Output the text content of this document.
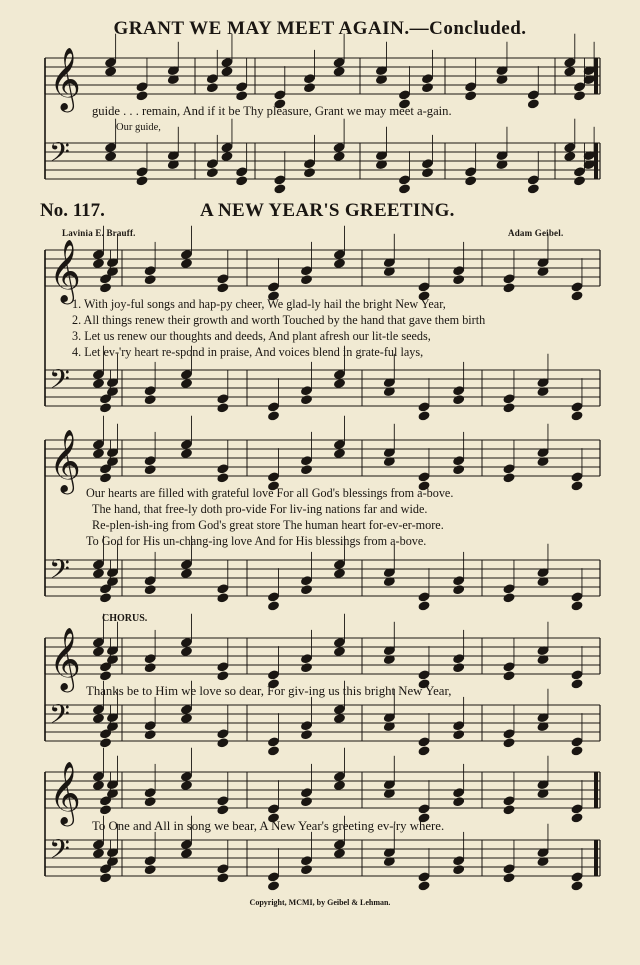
GRANT WE MAY MEET AGAIN.—Concluded.
𝄞
𝄢
𝄞
𝄢
𝄞
𝄢
𝄞
𝄢
𝄞
𝄢
guide . . . remain, And if it be Thy pleasure, Grant we may meet a-gain.
Our guide,
No. 117.	A NEW YEAR'S GREETING.
Lavinia E. Brauff.	Adam Geibel.
1. With joy-ful songs and hap-py cheer, We glad-ly hail the bright New Year,
2. All things renew their growth and worth Touched by the hand that gave them birth
3. Let us renew our thoughts and deeds, And plant afresh our lit-tle seeds,
4. Let ev-'ry heart re-spond in praise, And voices blend in grate-ful lays,
Our hearts are filled with grateful love For all God's blessings from a-bove.
The hand, that free-ly doth pro-vide For liv-ing nations far and wide.
Re-plen-ish-ing from God's great store The human heart for-ev-er-more.
To God for His un-chang-ing love And for His blessings from a-bove.
CHORUS.
Thanks be to Him we love so dear, For giv-ing us this bright New Year,
To One and All in song we bear, A New Year's greeting ev-'ry where.
Copyright, MCMI, by Geibel & Lehman.
